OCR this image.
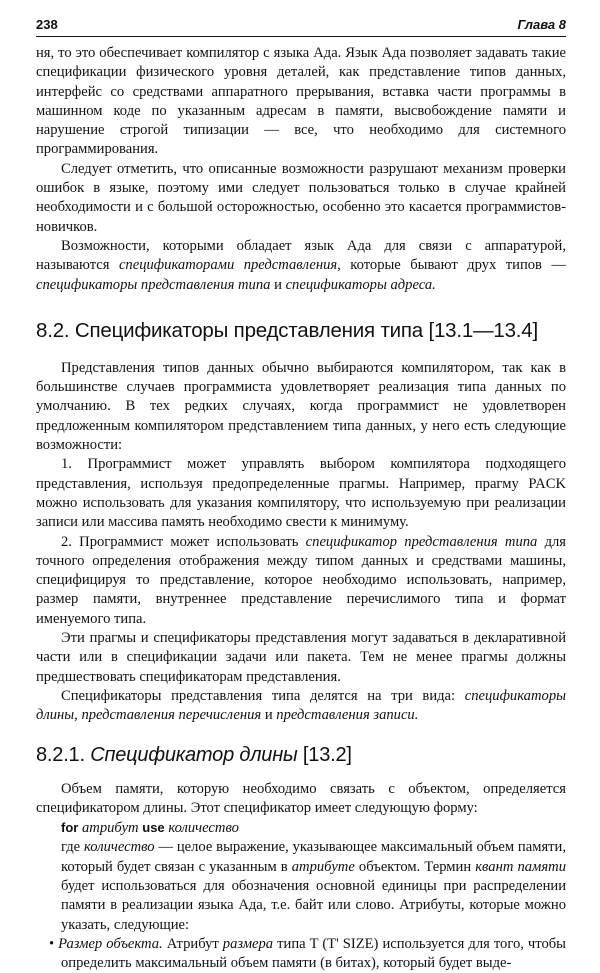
238	Глава 8

ня, то это обеспечивает компилятор с языка Ада. Язык Ада позволяет задавать такие спецификации физического уровня деталей, как представление типов данных, интерфейс со средствами аппаратного прерывания, вставка части программы в машинном коде по указанным адресам в памяти, высвобождение памяти и нарушение строгой типизации — все, что необходимо для системного программирования.

Следует отметить, что описанные возможности разрушают механизм проверки ошибок в языке, поэтому ими следует пользоваться только в случае крайней необходимости и с большой осторожностью, особенно это касается программистов-новичков.

Возможности, которыми обладает язык Ада для связи с аппаратурой, называются спецификаторами представления, которые бывают друх типов — спецификаторы представления типа и спецификаторы адреса.

8.2. Спецификаторы представления типа [13.1—13.4]

Представления типов данных обычно выбираются компилятором, так как в большинстве случаев программиста удовлетворяет реализация типа данных по умолчанию. В тех редких случаях, когда программист не удовлетворен предложенным компилятором представлением типа данных, у него есть следующие возможности:

1. Программист может управлять выбором компилятора подходящего представления, используя предопределенные прагмы. Например, прагму PACK можно использовать для указания компилятору, что используемую при реализации записи или массива память необходимо свести к минимуму.

2. Программист может использовать спецификатор представления типа для точного определения отображения между типом данных и средствами машины, специфицируя то представление, которое необходимо использовать, например, размер памяти, внутреннее представление перечислимого типа и формат именуемого типа.

Эти прагмы и спецификаторы представления могут задаваться в декларативной части или в спецификации задачи или пакета. Тем не менее прагмы должны предшествовать спецификаторам представления.

Спецификаторы представления типа делятся на три вида: спецификаторы длины, представления перечисления и представления записи.

8.2.1. Спецификатор длины [13.2]

Объем памяти, которую необходимо связать с объектом, определяется спецификатором длины. Этот спецификатор имеет следующую форму:

for атрибут use количество

где количество — целое выражение, указывающее максимальный объем памяти, который будет связан с указанным в атрибуте объектом. Термин квант памяти будет использоваться для обозначения основной единицы при распределении памяти в реализации языка Ада, т.е. байт или слово. Атрибуты, которые можно указать, следующие:

• Размер объекта. Атрибут размера типа T (T' SIZE) используется для того, чтобы определить максимальный объем памяти (в битах), который будет выде-
